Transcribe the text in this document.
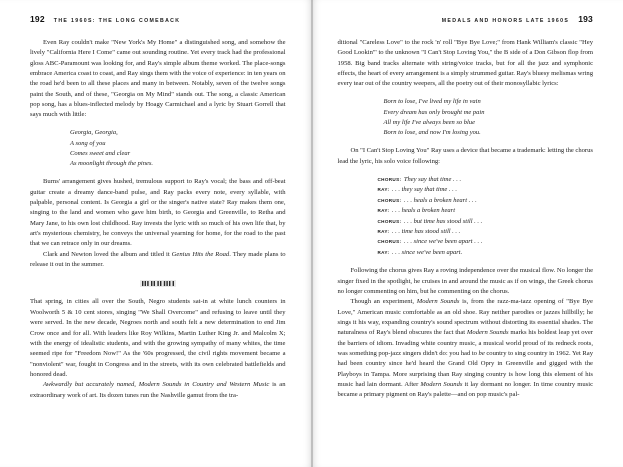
192 THE 1960S: THE LONG COMEBACK

Even Ray couldn't make "New York's My Home" a distinguished song, and somehow the lively "California Here I Come" came out sounding routine. Yet every track had the professional gloss ABC-Paramount was looking for, and Ray's simple album theme worked. The place-songs embrace America coast to coast, and Ray sings them with the voice of experience: in ten years on the road he'd been to all these places and many in between. Notably, seven of the twelve songs paint the South, and of these, "Georgia on My Mind" stands out. The song, a classic American pop song, has a blues-inflected melody by Hoagy Carmichael and a lyric by Stuart Gorrell that says much with little:

Georgia, Georgia,
A song of you
Comes sweet and clear
As moonlight through the pines.

Burns' arrangement gives hushed, tremulous support to Ray's vocal; the bass and off-beat guitar create a dreamy dance-band pulse, and Ray packs every note, every syllable, with palpable, personal content. Is Georgia a girl or the singer's native state? Ray makes them one, singing to the land and women who gave him birth, to Georgia and Greenville, to Retha and Mary Jane, to his own lost childhood. Ray invests the lyric with so much of his own life that, by art's mysterious chemistry, he conveys the universal yearning for home, for the road to the past that we can retrace only in our dreams.

Clark and Newton loved the album and titled it Genius Hits the Road. They made plans to release it out in the summer.

That spring, in cities all over the South, Negro students sat-in at white lunch counters in Woolworth 5 & 10 cent stores, singing "We Shall Overcome" and refusing to leave until they were served. In the new decade, Negroes north and south felt a new determination to end Jim Crow once and for all. With leaders like Roy Wilkins, Martin Luther King Jr. and Malcolm X; with the energy of idealistic students, and with the growing sympathy of many whites, the time seemed ripe for "Freedom Now!" As the '60s progressed, the civil rights movement became a "nonviolent" war, fought in Congress and in the streets, with its own celebrated battlefields and honored dead.

Awkwardly but accurately named, Modern Sounds in Country and Western Music is an extraordinary work of art. Its dozen tunes run the Nashville gamut from the tra-

MEDALS AND HONORS LATE 1960S 193

ditional "Careless Love" to the rock 'n' roll "Bye Bye Love;" from Hank William's classic "Hey Good Lookin'" to the unknown "I Can't Stop Loving You," the B side of a Don Gibson flop from 1958. Big band tracks alternate with string/voice tracks, but for all the jazz and symphonic effects, the heart of every arrangement is a simply strummed guitar. Ray's bluesy melismas wring every tear out of the country weepers, all the poetry out of their monosyllabic lyrics:

Born to lose, I've lived my life in vain
Every dream has only brought me pain
All my life I've always been so blue
Born to lose, and now I'm losing you.

On "I Can't Stop Loving You" Ray uses a device that became a trademark: letting the chorus lead the lyric, his solo voice following:

CHORUS: They say that time . . .
RAY: . . . they say that time . . .
CHORUS: . . . heals a broken heart . . .
RAY: . . . heals a broken heart
CHORUS: . . . but time has stood still . . .
RAY: . . . time has stood still . . .
CHORUS: . . . since we've been apart . . .
RAY: . . . since we've been apart.

Following the chorus gives Ray a roving independence over the musical flow. No longer the singer fixed in the spotlight, he cruises in and around the music as if on wings, the Greek chorus no longer commenting on him, but he commenting on the chorus.

Though an experiment, Modern Sounds is, from the razz-ma-tazz opening of "Bye Bye Love," American music comfortable as an old shoe. Ray neither parodies or jazzes hillbilly; he sings it his way, expanding country's sound spectrum without distorting its essential shades. The naturalness of Ray's blend obscures the fact that Modern Sounds marks his boldest leap yet over the barriers of idiom. Invading white country music, a musical world proud of its redneck roots, was something pop-jazz singers didn't do: you had to be country to sing country in 1962. Yet Ray had been country since he'd heard the Grand Old Opry in Greenville and gigged with the Playboys in Tampa. More surprising than Ray singing country is how long this element of his music had lain dormant. After Modern Sounds it lay dormant no longer. In time country music became a primary pigment on Ray's palette—and on pop music's pal-
